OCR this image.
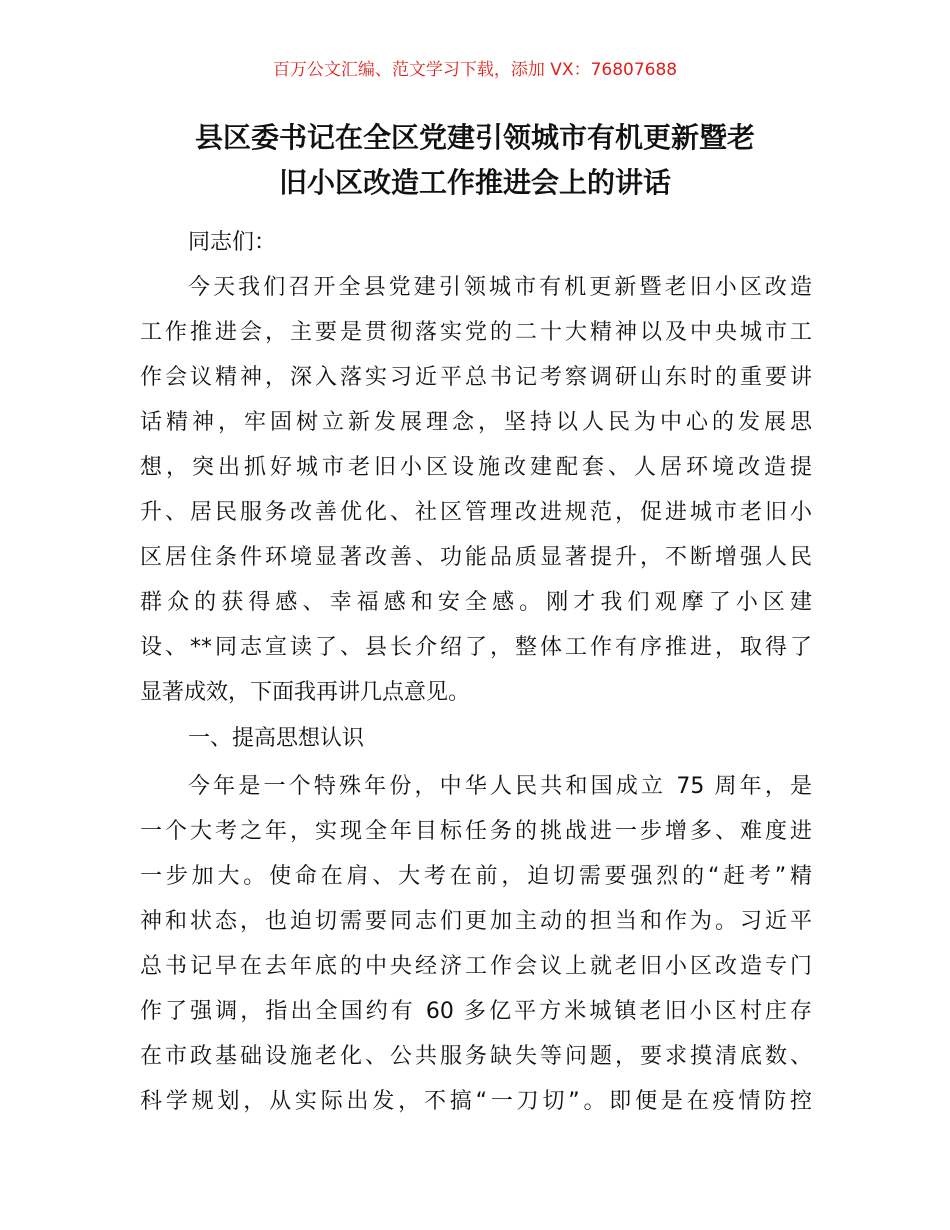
百万公文汇编、范文学习下载，添加 VX：76807688
县区委书记在全区党建引领城市有机更新暨老
旧小区改造工作推进会上的讲话
同志们：
今天我们召开全县党建引领城市有机更新暨老旧小区改造
工作推进会，主要是贯彻落实党的二十大精神以及中央城市工
作会议精神，深入落实习近平总书记考察调研山东时的重要讲
话精神，牢固树立新发展理念，坚持以人民为中心的发展思
想，突出抓好城市老旧小区设施改建配套、人居环境改造提
升、居民服务改善优化、社区管理改进规范，促进城市老旧小
区居住条件环境显著改善、功能品质显著提升，不断增强人民
群众的获得感、幸福感和安全感。刚才我们观摩了小区建
设、**同志宣读了、县长介绍了，整体工作有序推进，取得了
显著成效，下面我再讲几点意见。
一、提高思想认识
今年是一个特殊年份，中华人民共和国成立 75 周年，是
一个大考之年，实现全年目标任务的挑战进一步增多、难度进
一步加大。使命在肩、大考在前，迫切需要强烈的“赶考”精
神和状态，也迫切需要同志们更加主动的担当和作为。习近平
总书记早在去年底的中央经济工作会议上就老旧小区改造专门
作了强调，指出全国约有 60 多亿平方米城镇老旧小区村庄存
在市政基础设施老化、公共服务缺失等问题，要求摸清底数、
科学规划，从实际出发，不搞“一刀切”。即便是在疫情防控
